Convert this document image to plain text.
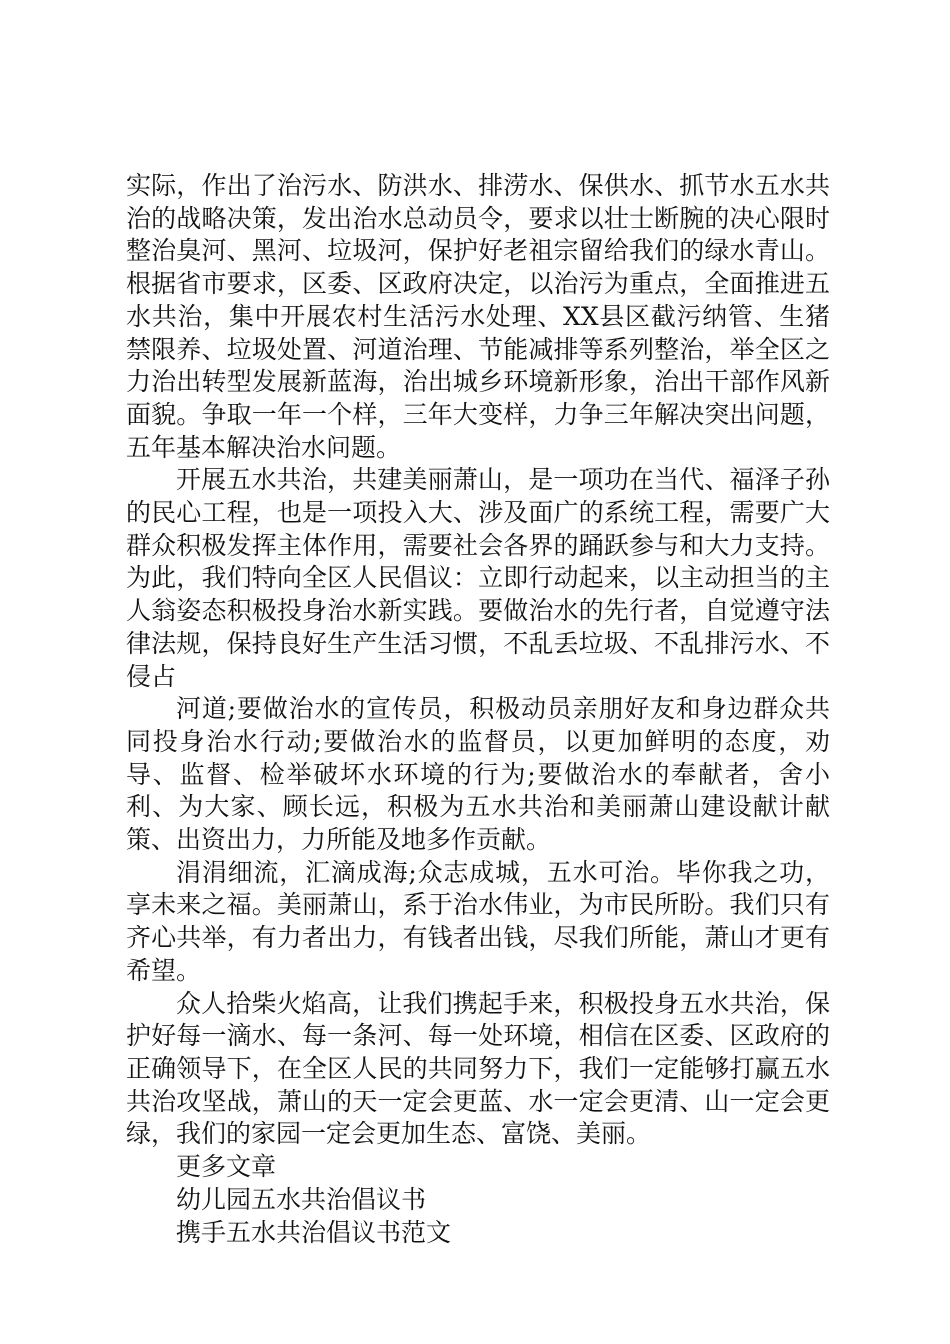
实际，作出了治污水、防洪水、排涝水、保供水、抓节水五水共治的战略决策，发出治水总动员令，要求以壮士断腕的决心限时整治臭河、黑河、垃圾河，保护好老祖宗留给我们的绿水青山。根据省市要求，区委、区政府决定，以治污为重点，全面推进五水共治，集中开展农村生活污水处理、XX县区截污纳管、生猪禁限养、垃圾处置、河道治理、节能减排等系列整治，举全区之力治出转型发展新蓝海，治出城乡环境新形象，治出干部作风新面貌。争取一年一个样，三年大变样，力争三年解决突出问题，五年基本解决治水问题。

开展五水共治，共建美丽萧山，是一项功在当代、福泽子孙的民心工程，也是一项投入大、涉及面广的系统工程，需要广大群众积极发挥主体作用，需要社会各界的踊跃参与和大力支持。为此，我们特向全区人民倡议：立即行动起来，以主动担当的主人翁姿态积极投身治水新实践。要做治水的先行者，自觉遵守法律法规，保持良好生产生活习惯，不乱丢垃圾、不乱排污水、不侵占

河道;要做治水的宣传员，积极动员亲朋好友和身边群众共同投身治水行动;要做治水的监督员，以更加鲜明的态度，劝导、监督、检举破坏水环境的行为;要做治水的奉献者，舍小利、为大家、顾长远，积极为五水共治和美丽萧山建设献计献策、出资出力，力所能及地多作贡献。

涓涓细流，汇滴成海;众志成城，五水可治。毕你我之功，享未来之福。美丽萧山，系于治水伟业，为市民所盼。我们只有齐心共举，有力者出力，有钱者出钱，尽我们所能，萧山才更有希望。

众人拾柴火焰高，让我们携起手来，积极投身五水共治，保护好每一滴水、每一条河、每一处环境，相信在区委、区政府的正确领导下，在全区人民的共同努力下，我们一定能够打赢五水共治攻坚战，萧山的天一定会更蓝、水一定会更清、山一定会更绿，我们的家园一定会更加生态、富饶、美丽。

更多文章
幼儿园五水共治倡议书
携手五水共治倡议书范文
